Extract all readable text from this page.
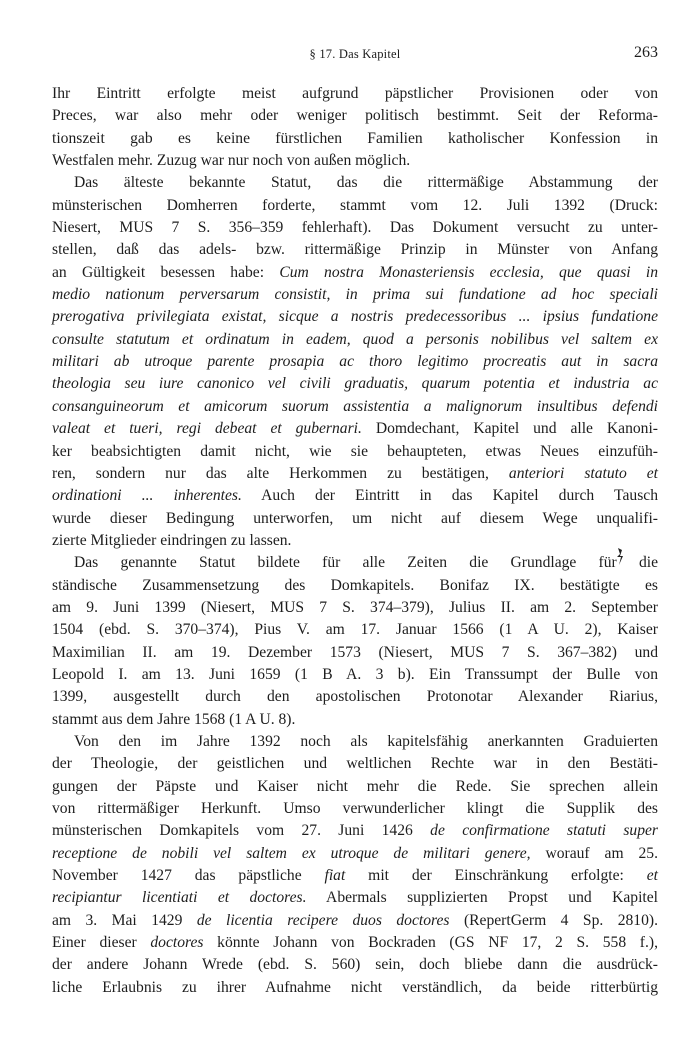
§ 17. Das Kapitel	263
Ihr Eintritt erfolgte meist aufgrund päpstlicher Provisionen oder von
Preces, war also mehr oder weniger politisch bestimmt. Seit der Reforma-
tionszeit gab es keine fürstlichen Familien katholischer Konfession in
Westfalen mehr. Zuzug war nur noch von außen möglich.
Das älteste bekannte Statut, das die rittermäßige Abstammung der
münsterischen Domherren forderte, stammt vom 12. Juli 1392 (Druck:
Niesert, MUS 7 S. 356–359 fehlerhaft). Das Dokument versucht zu unter-
stellen, daß das adels- bzw. rittermäßige Prinzip in Münster von Anfang
an Gültigkeit besessen habe: Cum nostra Monasteriensis ecclesia, que quasi in
medio nationum perversarum consistit, in prima sui fundatione ad hoc speciali
prerogativa privilegiata existat, sicque a nostris predecessoribus ... ipsius fundatione
consulte statutum et ordinatum in eadem, quod a personis nobilibus vel saltem ex
militari ab utroque parente prosapia ac thoro legitimo procreatis aut in sacra
theologia seu iure canonico vel civili graduatis, quarum potentia et industria ac
consanguineorum et amicorum suorum assistentia a malignorum insultibus defendi
valeat et tueri, regi debeat et gubernari. Domdechant, Kapitel und alle Kanoni-
ker beabsichtigten damit nicht, wie sie behaupteten, etwas Neues einzufüh-
ren, sondern nur das alte Herkommen zu bestätigen, anteriori statuto et
ordinationi ... inherentes. Auch der Eintritt in das Kapitel durch Tausch
wurde dieser Bedingung unterworfen, um nicht auf diesem Wege unqualifi-
zierte Mitglieder eindringen zu lassen.
Das genannte Statut bildete für alle Zeiten die Grundlage für die
ständische Zusammensetzung des Domkapitels. Bonifaz IX. bestätigte es
am 9. Juni 1399 (Niesert, MUS 7 S. 374–379), Julius II. am 2. September
1504 (ebd. S. 370–374), Pius V. am 17. Januar 1566 (1 A U. 2), Kaiser
Maximilian II. am 19. Dezember 1573 (Niesert, MUS 7 S. 367–382) und
Leopold I. am 13. Juni 1659 (1 B A. 3 b). Ein Transsumpt der Bulle von
1399, ausgestellt durch den apostolischen Protonotar Alexander Riarius,
stammt aus dem Jahre 1568 (1 A U. 8).
Von den im Jahre 1392 noch als kapitelsfähig anerkannten Graduierten
der Theologie, der geistlichen und weltlichen Rechte war in den Bestäti-
gungen der Päpste und Kaiser nicht mehr die Rede. Sie sprechen allein
von rittermäßiger Herkunft. Umso verwunderlicher klingt die Supplik des
münsterischen Domkapitels vom 27. Juni 1426 de confirmatione statuti super
receptione de nobili vel saltem ex utroque de militari genere, worauf am 25.
November 1427 das päpstliche fiat mit der Einschränkung erfolgte: et
recipiantur licentiati et doctores. Abermals supplizierten Propst und Kapitel
am 3. Mai 1429 de licentia recipere duos doctores (RepertGerm 4 Sp. 2810).
Einer dieser doctores könnte Johann von Bockraden (GS NF 17, 2 S. 558 f.),
der andere Johann Wrede (ebd. S. 560) sein, doch bliebe dann die ausdrück-
liche Erlaubnis zu ihrer Aufnahme nicht verständlich, da beide ritterbürtig
